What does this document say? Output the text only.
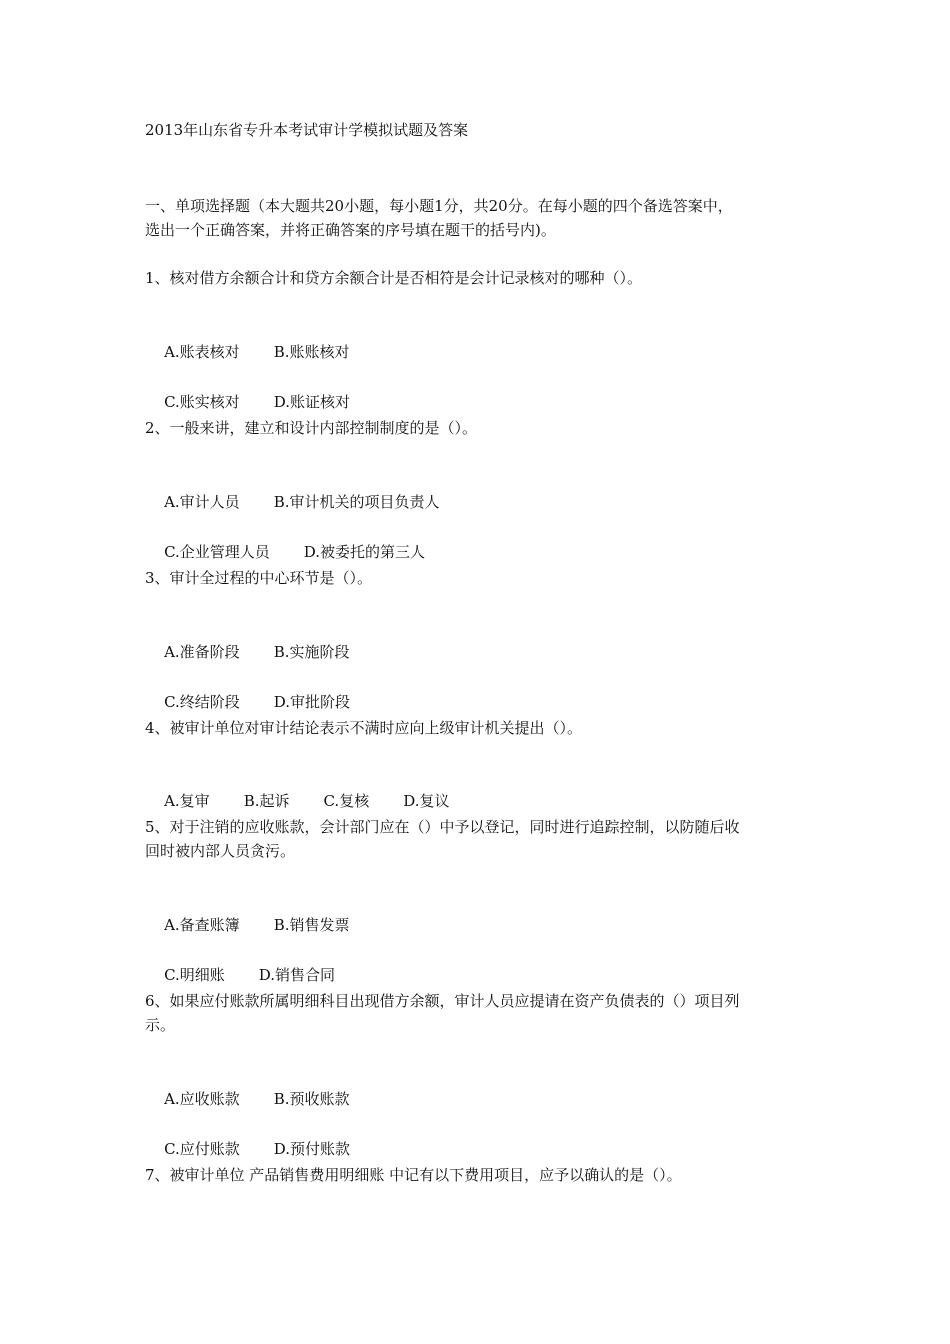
2013年山东省专升本考试审计学模拟试题及答案
一、单项选择题（本大题共20小题，每小题1分，共20分。在每小题的四个备选答案中，
选出一个正确答案，并将正确答案的序号填在题干的括号内)。
1、核对借方余额合计和贷方余额合计是否相符是会计记录核对的哪种（）。

A.账表核对 B.账账核对

C.账实核对 D.账证核对

2、一般来讲，建立和设计内部控制制度的是（）。

A.审计人员 B.审计机关的项目负责人

C.企业管理人员 D.被委托的第三人

3、审计全过程的中心环节是（）。

A.准备阶段 B.实施阶段

C.终结阶段 D.审批阶段

4、被审计单位对审计结论表示不满时应向上级审计机关提出（）。

A.复审 B.起诉 C.复核 D.复议

5、对于注销的应收账款，会计部门应在（）中予以登记，同时进行追踪控制，以防随后收
回时被内部人员贪污。

A.备查账簿 B.销售发票

C.明细账 D.销售合同

6、如果应付账款所属明细科目出现借方余额，审计人员应提请在资产负债表的（）项目列
示。

A.应收账款 B.预收账款

C.应付账款 D.预付账款

7、被审计单位 产品销售费用明细账 中记有以下费用项目，应予以确认的是（）。
